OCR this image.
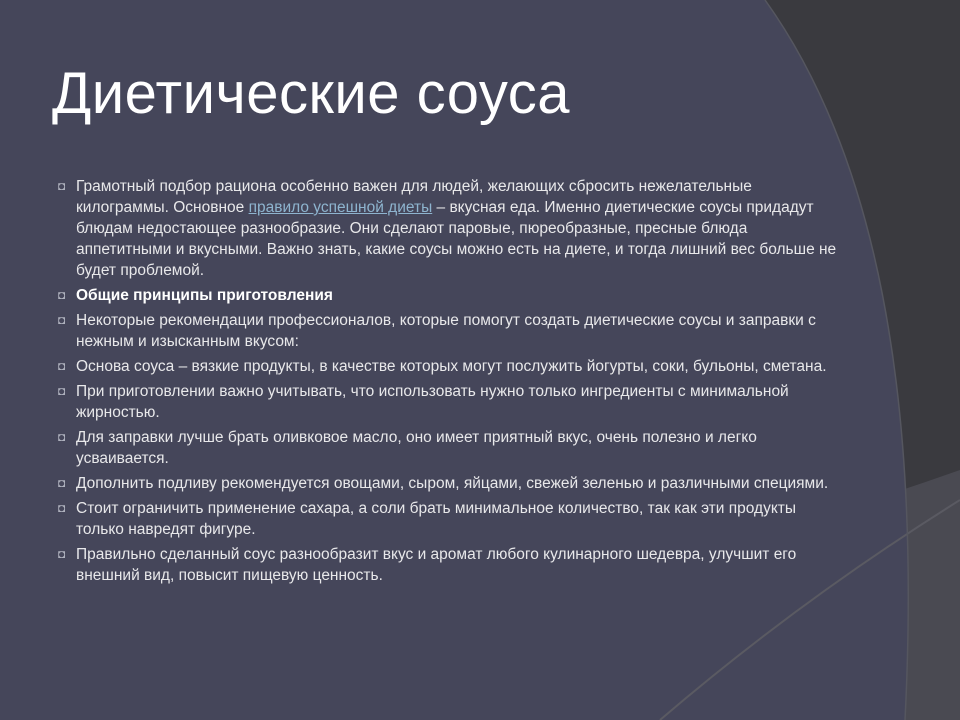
Диетические соуса
◘ Грамотный подбор рациона особенно важен для людей, желающих сбросить нежелательные килограммы. Основное правило успешной диеты – вкусная еда. Именно диетические соусы придадут блюдам недостающее разнообразие. Они сделают паровые, пюреобразные, пресные блюда аппетитными и вкусными. Важно знать, какие соусы можно есть на диете, и тогда лишний вес больше не будет проблемой.
◘ Общие принципы приготовления
◘ Некоторые рекомендации профессионалов, которые помогут создать диетические соусы и заправки с нежным и изысканным вкусом:
◘ Основа соуса – вязкие продукты, в качестве которых могут послужить йогурты, соки, бульоны, сметана.
◘ При приготовлении важно учитывать, что использовать нужно только ингредиенты с минимальной жирностью.
◘ Для заправки лучше брать оливковое масло, оно имеет приятный вкус, очень полезно и легко усваивается.
◘ Дополнить подливу рекомендуется овощами, сыром, яйцами, свежей зеленью и различными специями.
◘ Стоит ограничить применение сахара, а соли брать минимальное количество, так как эти продукты только навредят фигуре.
◘ Правильно сделанный соус разнообразит вкус и аромат любого кулинарного шедевра, улучшит его внешний вид, повысит пищевую ценность.
